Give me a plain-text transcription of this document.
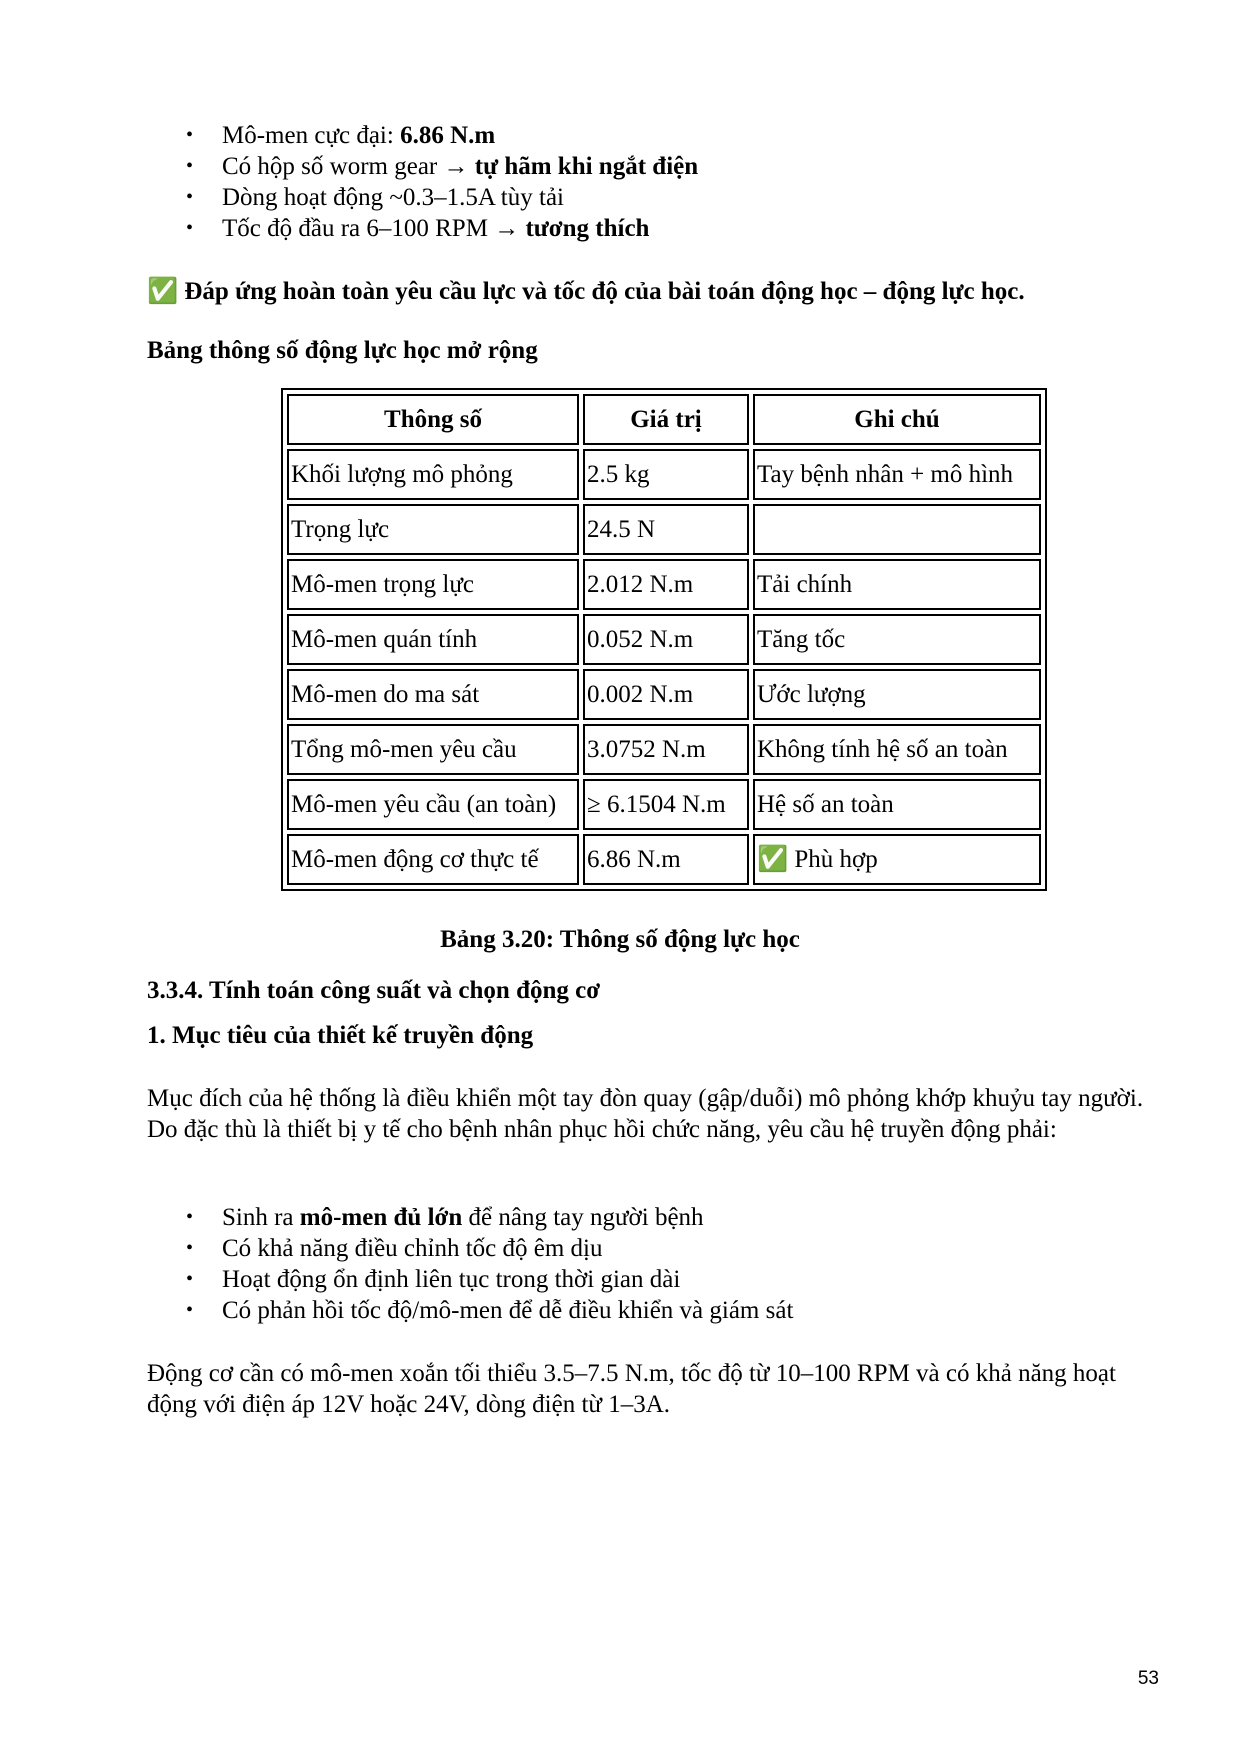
• Mô-men cực đại: 6.86 N.m
• Có hộp số worm gear → tự hãm khi ngắt điện
• Dòng hoạt động ~0.3–1.5A tùy tải
• Tốc độ đầu ra 6–100 RPM → tương thích
✅ Đáp ứng hoàn toàn yêu cầu lực và tốc độ của bài toán động học – động lực học.
Bảng thông số động lực học mở rộng
Thông số	Giá trị	Ghi chú
Khối lượng mô phỏng	2.5 kg	Tay bệnh nhân + mô hình
Trọng lực	24.5 N	
Mô-men trọng lực	2.012 N.m	Tải chính
Mô-men quán tính	0.052 N.m	Tăng tốc
Mô-men do ma sát	0.002 N.m	Ước lượng
Tổng mô-men yêu cầu	3.0752 N.m	Không tính hệ số an toàn
Mô-men yêu cầu (an toàn)	≥ 6.1504 N.m	Hệ số an toàn
Mô-men động cơ thực tế	6.86 N.m	✅ Phù hợp
Bảng 3.20: Thông số động lực học
3.3.4. Tính toán công suất và chọn động cơ
1. Mục tiêu của thiết kế truyền động
Mục đích của hệ thống là điều khiển một tay đòn quay (gập/duỗi) mô phỏng khớp khuỷu tay người. Do đặc thù là thiết bị y tế cho bệnh nhân phục hồi chức năng, yêu cầu hệ truyền động phải:
• Sinh ra mô-men đủ lớn để nâng tay người bệnh
• Có khả năng điều chỉnh tốc độ êm dịu
• Hoạt động ổn định liên tục trong thời gian dài
• Có phản hồi tốc độ/mô-men để dễ điều khiển và giám sát
Động cơ cần có mô-men xoắn tối thiểu 3.5–7.5 N.m, tốc độ từ 10–100 RPM và có khả năng hoạt động với điện áp 12V hoặc 24V, dòng điện từ 1–3A.
53
